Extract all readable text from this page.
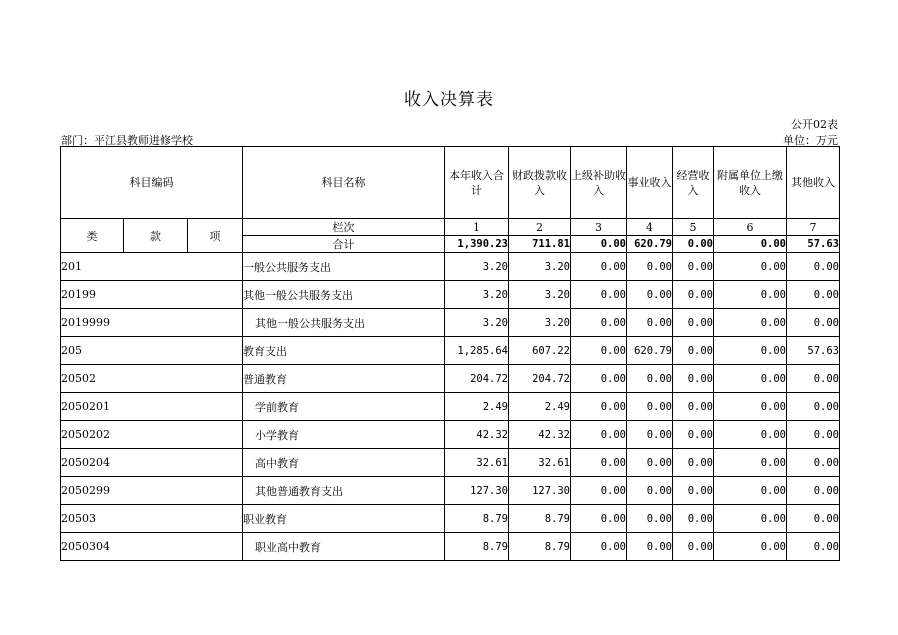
收入决算表
公开02表
部门：平江县教师进修学校	单位：万元
科目编码			科目名称	本年收入合计	财政拨款收入	上级补助收入	事业收入	经营收入	附属单位上缴收入	其他收入
类	款	项	栏次	1	2	3	4	5	6	7
			合计	1,390.23	711.81	0.00	620.79	0.00	0.00	57.63
201			一般公共服务支出	3.20	3.20	0.00	0.00	0.00	0.00	0.00
20199			其他一般公共服务支出	3.20	3.20	0.00	0.00	0.00	0.00	0.00
2019999			其他一般公共服务支出	3.20	3.20	0.00	0.00	0.00	0.00	0.00
205			教育支出	1,285.64	607.22	0.00	620.79	0.00	0.00	57.63
20502			普通教育	204.72	204.72	0.00	0.00	0.00	0.00	0.00
2050201			学前教育	2.49	2.49	0.00	0.00	0.00	0.00	0.00
2050202			小学教育	42.32	42.32	0.00	0.00	0.00	0.00	0.00
2050204			高中教育	32.61	32.61	0.00	0.00	0.00	0.00	0.00
2050299			其他普通教育支出	127.30	127.30	0.00	0.00	0.00	0.00	0.00
20503			职业教育	8.79	8.79	0.00	0.00	0.00	0.00	0.00
2050304			职业高中教育	8.79	8.79	0.00	0.00	0.00	0.00	0.00
